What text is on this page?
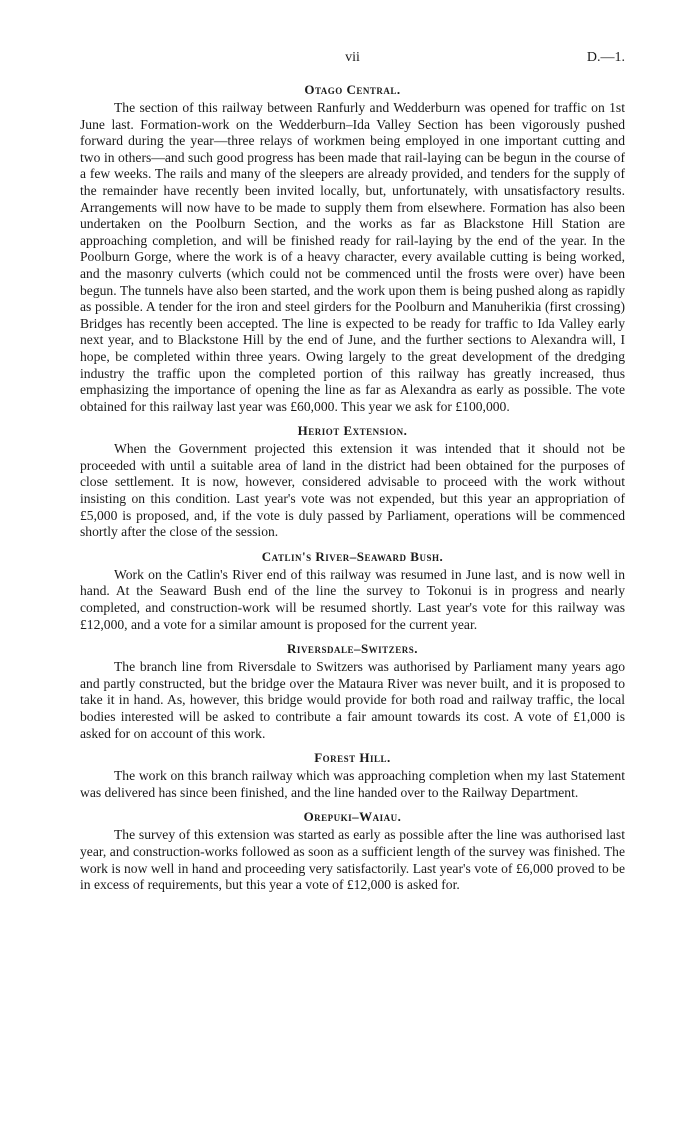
vii	D.—1.
Otago Central.

The section of this railway between Ranfurly and Wedderburn was opened for traffic on 1st June last. Formation-work on the Wedderburn–Ida Valley Section has been vigorously pushed forward during the year—three relays of workmen being employed in one important cutting and two in others—and such good progress has been made that rail-laying can be begun in the course of a few weeks. The rails and many of the sleepers are already provided, and tenders for the supply of the remainder have recently been invited locally, but, unfortunately, with unsatisfactory results. Arrangements will now have to be made to supply them from elsewhere. Formation has also been undertaken on the Poolburn Section, and the works as far as Blackstone Hill Station are approaching completion, and will be finished ready for rail-laying by the end of the year. In the Poolburn Gorge, where the work is of a heavy character, every available cutting is being worked, and the masonry culverts (which could not be commenced until the frosts were over) have been begun. The tunnels have also been started, and the work upon them is being pushed along as rapidly as possible. A tender for the iron and steel girders for the Poolburn and Manuherikia (first crossing) Bridges has recently been accepted. The line is expected to be ready for traffic to Ida Valley early next year, and to Blackstone Hill by the end of June, and the further sections to Alexandra will, I hope, be completed within three years. Owing largely to the great development of the dredging industry the traffic upon the completed portion of this railway has greatly increased, thus emphasizing the importance of opening the line as far as Alexandra as early as possible. The vote obtained for this railway last year was £60,000. This year we ask for £100,000.

Heriot Extension.

When the Government projected this extension it was intended that it should not be proceeded with until a suitable area of land in the district had been obtained for the purposes of close settlement. It is now, however, considered advisable to proceed with the work without insisting on this condition. Last year's vote was not expended, but this year an appropriation of £5,000 is proposed, and, if the vote is duly passed by Parliament, operations will be commenced shortly after the close of the session.

Catlin's River–Seaward Bush.

Work on the Catlin's River end of this railway was resumed in June last, and is now well in hand. At the Seaward Bush end of the line the survey to Tokonui is in progress and nearly completed, and construction-work will be resumed shortly. Last year's vote for this railway was £12,000, and a vote for a similar amount is proposed for the current year.

Riversdale–Switzers.

The branch line from Riversdale to Switzers was authorised by Parliament many years ago and partly constructed, but the bridge over the Mataura River was never built, and it is proposed to take it in hand. As, however, this bridge would provide for both road and railway traffic, the local bodies interested will be asked to contribute a fair amount towards its cost. A vote of £1,000 is asked for on account of this work.

Forest Hill.

The work on this branch railway which was approaching completion when my last Statement was delivered has since been finished, and the line handed over to the Railway Department.

Orepuki–Waiau.

The survey of this extension was started as early as possible after the line was authorised last year, and construction-works followed as soon as a sufficient length of the survey was finished. The work is now well in hand and proceeding very satisfactorily. Last year's vote of £6,000 proved to be in excess of requirements, but this year a vote of £12,000 is asked for.
